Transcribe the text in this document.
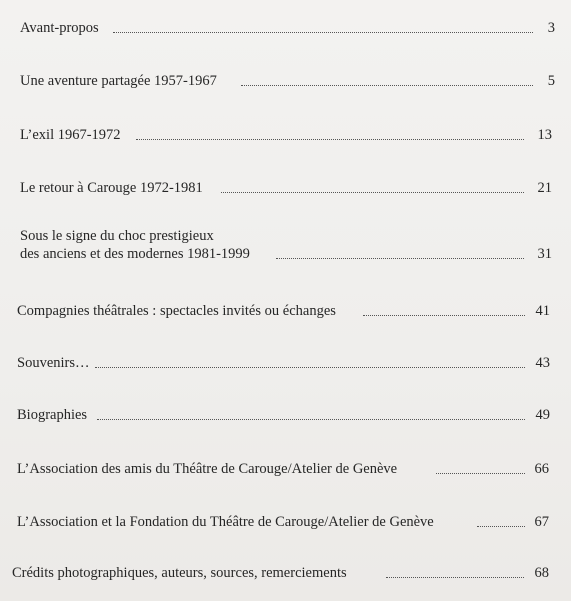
Avant-propos	3
Une aventure partagée 1957-1967	5
L’exil 1967-1972	13
Le retour à Carouge 1972-1981	21
Sous le signe du choc prestigieux
des anciens et des modernes 1981-1999	31
Compagnies théâtrales : spectacles invités ou échanges	41
Souvenirs…	43
Biographies	49
L’Association des amis du Théâtre de Carouge/Atelier de Genève	66
L’Association et la Fondation du Théâtre de Carouge/Atelier de Genève	67
Crédits photographiques, auteurs, sources, remerciements	68
